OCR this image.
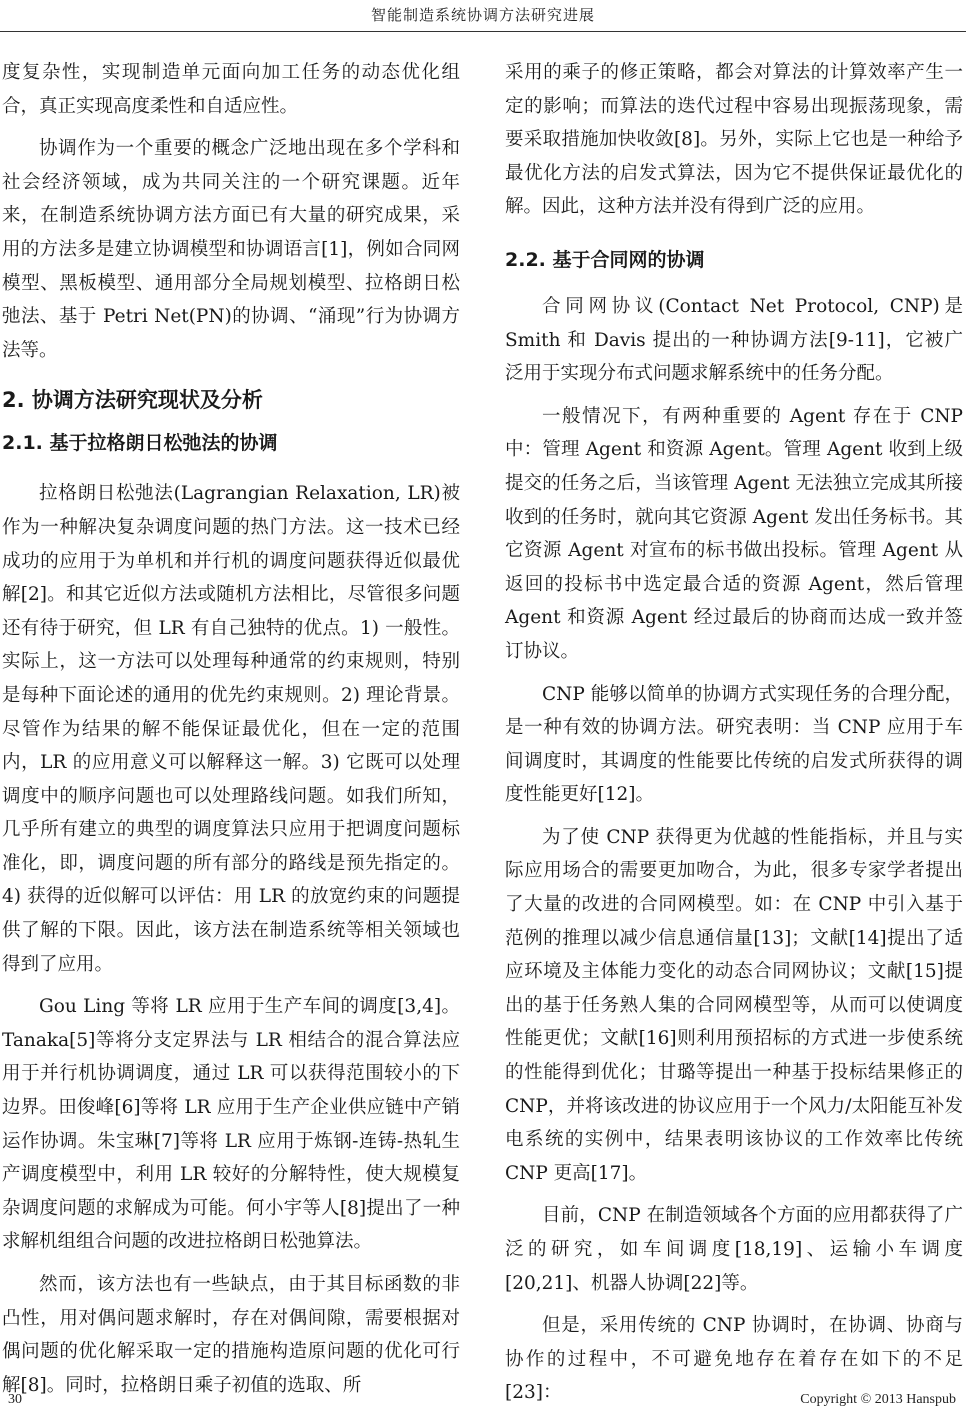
智能制造系统协调方法研究进展

度复杂性，实现制造单元面向加工任务的动态优化组合，真正实现高度柔性和自适应性。

协调作为一个重要的概念广泛地出现在多个学科和社会经济领域，成为共同关注的一个研究课题。近年来，在制造系统协调方法方面已有大量的研究成果，采用的方法多是建立协调模型和协调语言[1]，例如合同网模型、黑板模型、通用部分全局规划模型、拉格朗日松弛法、基于 Petri Net(PN)的协调、“涌现”行为协调方法等。

2. 协调方法研究现状及分析
2.1. 基于拉格朗日松弛法的协调

拉格朗日松弛法(Lagrangian Relaxation, LR)被作为一种解决复杂调度问题的热门方法。这一技术已经成功的应用于为单机和并行机的调度问题获得近似最优解[2]。和其它近似方法或随机方法相比，尽管很多问题还有待于研究，但 LR 有自己独特的优点。1) 一般性。实际上，这一方法可以处理每种通常的约束规则，特别是每种下面论述的通用的优先约束规则。2) 理论背景。尽管作为结果的解不能保证最优化，但在一定的范围内，LR 的应用意义可以解释这一解。3) 它既可以处理调度中的顺序问题也可以处理路线问题。如我们所知，几乎所有建立的典型的调度算法只应用于把调度问题标准化，即，调度问题的所有部分的路线是预先指定的。4) 获得的近似解可以评估：用 LR 的放宽约束的问题提供了解的下限。因此，该方法在制造系统等相关领域也得到了应用。

Gou Ling 等将 LR 应用于生产车间的调度[3,4]。Tanaka[5]等将分支定界法与 LR 相结合的混合算法应用于并行机协调调度，通过 LR 可以获得范围较小的下边界。田俊峰[6]等将 LR 应用于生产企业供应链中产销运作协调。朱宝琳[7]等将 LR 应用于炼钢-连铸-热轧生产调度模型中，利用 LR 较好的分解特性，使大规模复杂调度问题的求解成为可能。何小宇等人[8]提出了一种求解机组组合问题的改进拉格朗日松弛算法。

然而，该方法也有一些缺点，由于其目标函数的非凸性，用对偶问题求解时，存在对偶间隙，需要根据对偶问题的优化解采取一定的措施构造原问题的优化可行解[8]。同时，拉格朗日乘子初值的选取、所

采用的乘子的修正策略，都会对算法的计算效率产生一定的影响；而算法的迭代过程中容易出现振荡现象，需要采取措施加快收敛[8]。另外，实际上它也是一种给予最优化方法的启发式算法，因为它不提供保证最优化的解。因此，这种方法并没有得到广泛的应用。

2.2. 基于合同网的协调

合同网协议(Contact Net Protocol, CNP)是 Smith 和 Davis 提出的一种协调方法[9-11]，它被广泛用于实现分布式问题求解系统中的任务分配。

一般情况下，有两种重要的 Agent 存在于 CNP 中：管理 Agent 和资源 Agent。管理 Agent 收到上级提交的任务之后，当该管理 Agent 无法独立完成其所接收到的任务时，就向其它资源 Agent 发出任务标书。其它资源 Agent 对宣布的标书做出投标。管理 Agent 从返回的投标书中选定最合适的资源 Agent，然后管理 Agent 和资源 Agent 经过最后的协商而达成一致并签订协议。

CNP 能够以简单的协调方式实现任务的合理分配，是一种有效的协调方法。研究表明：当 CNP 应用于车间调度时，其调度的性能要比传统的启发式所获得的调度性能更好[12]。

为了使 CNP 获得更为优越的性能指标，并且与实际应用场合的需要更加吻合，为此，很多专家学者提出了大量的改进的合同网模型。如：在 CNP 中引入基于范例的推理以减少信息通信量[13]；文献[14]提出了适应环境及主体能力变化的动态合同网协议；文献[15]提出的基于任务熟人集的合同网模型等，从而可以使调度性能更优；文献[16]则利用预招标的方式进一步使系统的性能得到优化；甘璐等提出一种基于投标结果修正的 CNP，并将该改进的协议应用于一个风力/太阳能互补发电系统的实例中，结果表明该协议的工作效率比传统 CNP 更高[17]。

目前，CNP 在制造领域各个方面的应用都获得了广泛的研究，如车间调度[18,19]、运输小车调度[20,21]、机器人协调[22]等。

但是，采用传统的 CNP 协调时，在协调、协商与协作的过程中，不可避免地存在着存在如下的不足[23]：

30	Copyright © 2013 Hanspub
